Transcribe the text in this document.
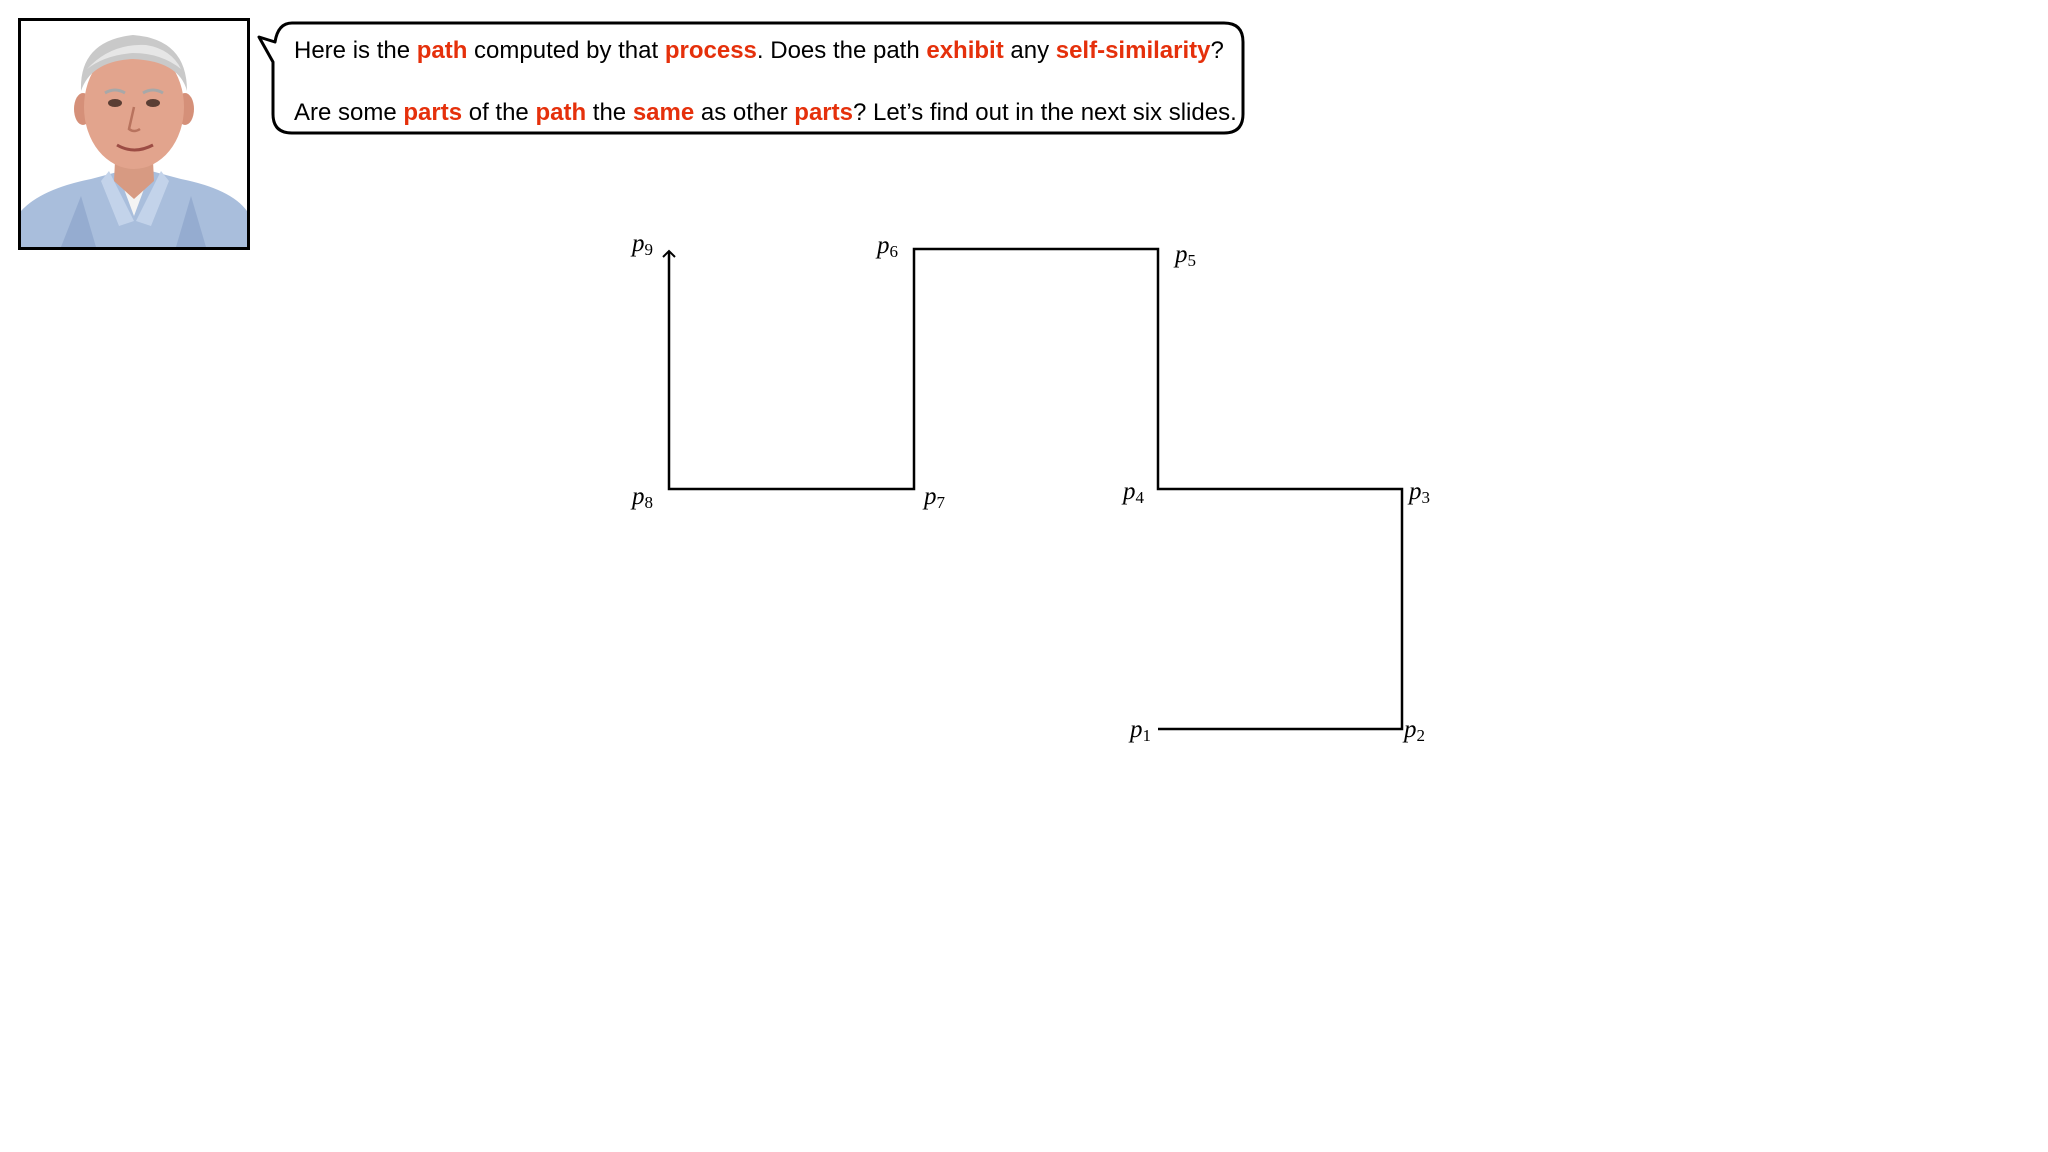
Here is the path computed by that process. Does the path exhibit any self-similarity?
Are some parts of the path the same as other parts? Let’s find out in the next six slides.
p1	p2
p3
p4
p5
p6
p7
p8
p9
